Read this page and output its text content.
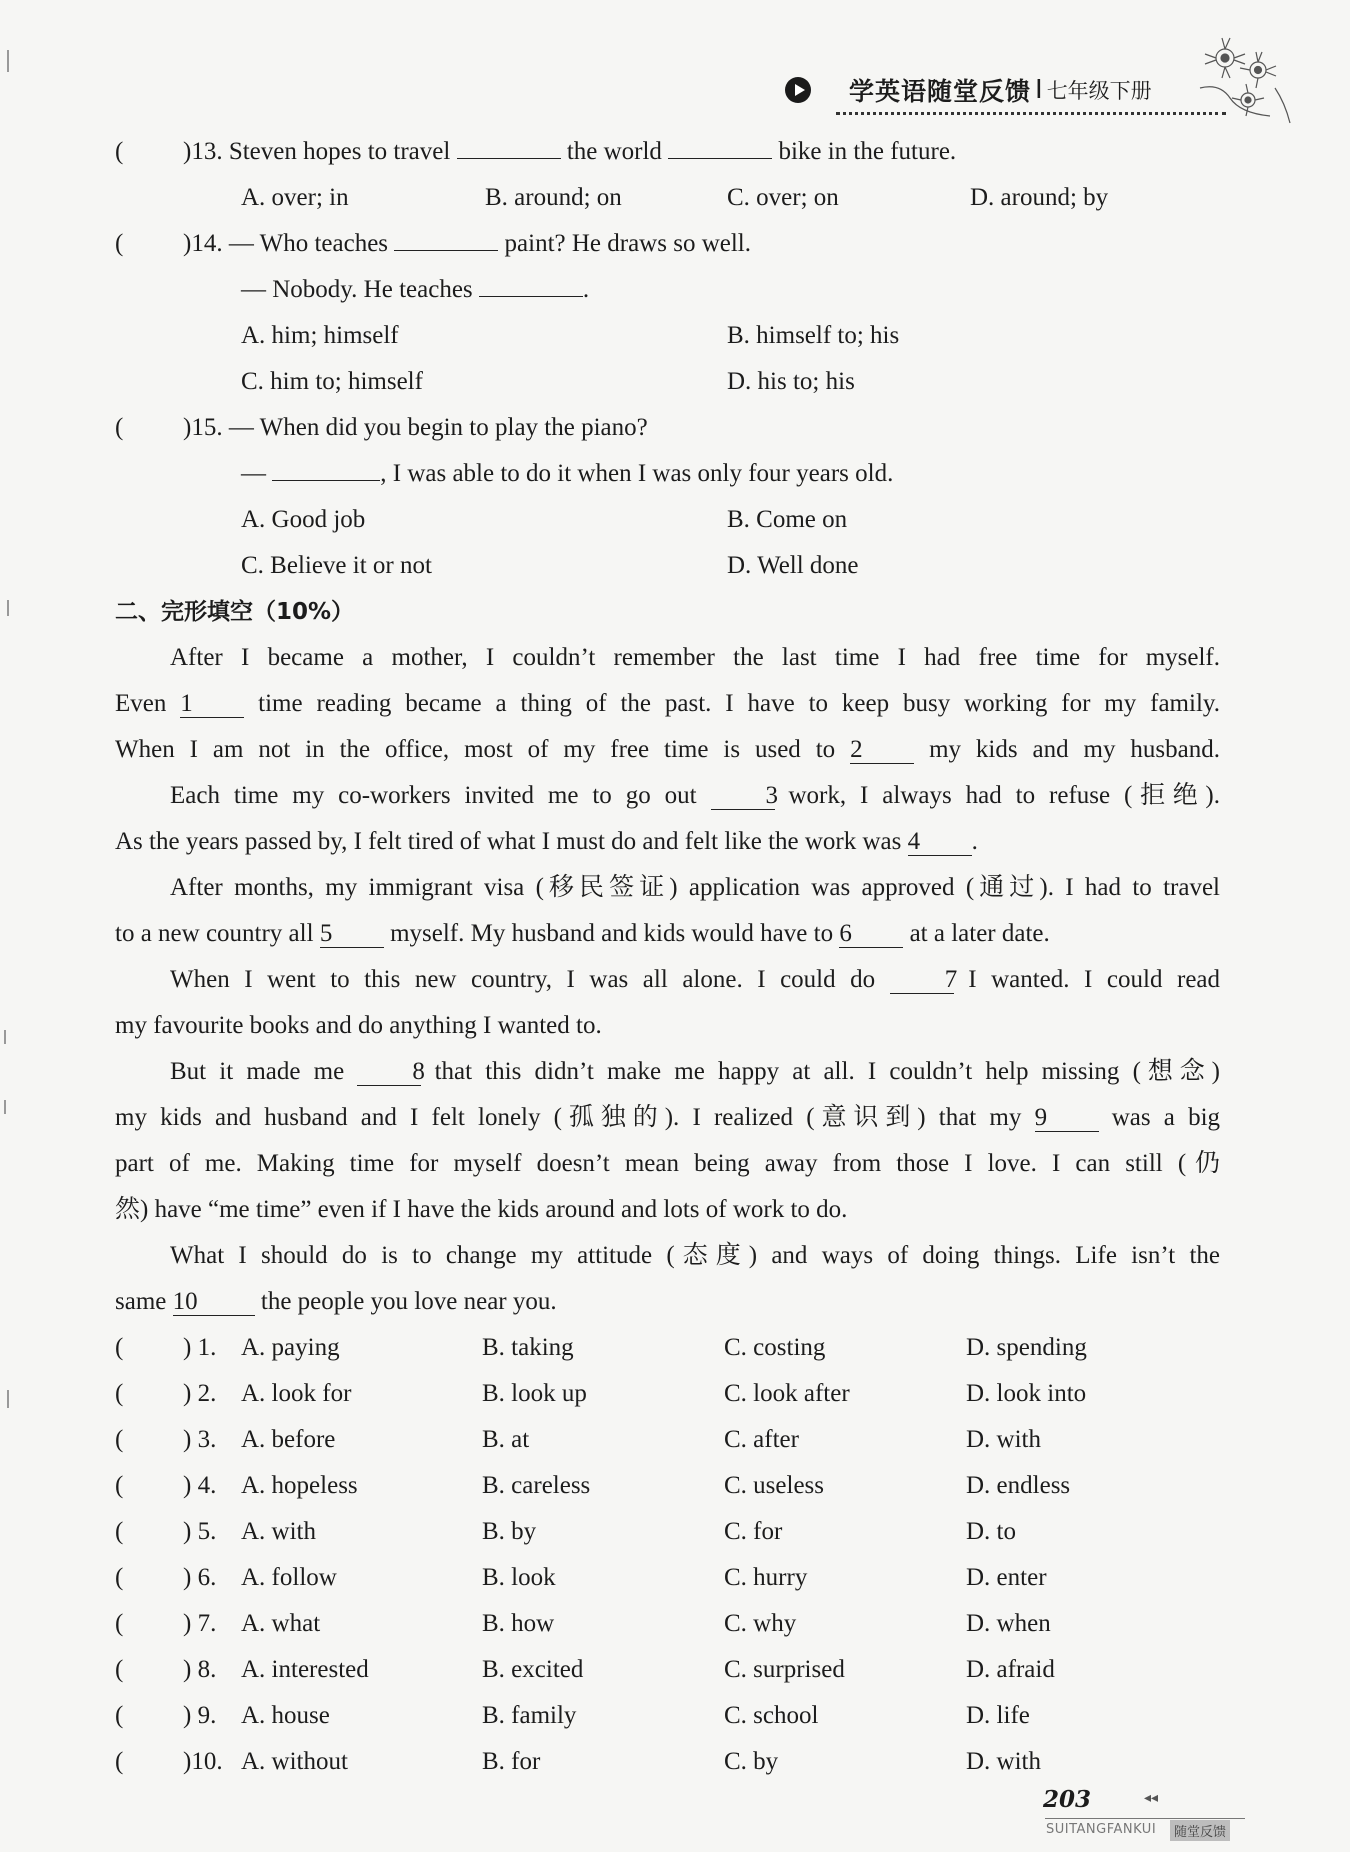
学英语随堂反馈 I 七年级下册
( )13. Steven hopes to travel	the world	bike in the future.
A. over; in	B. around; on	C. over; on	D. around; by
( )14. — Who teaches	paint? He draws so well.
— Nobody. He teaches	.
A. him; himself	B. himself to; his
C. him to; himself	D. his to; his
( )15. — When did you begin to play the piano?
—	, I was able to do it when I was only four years old.
A. Good job	B. Come on
C. Believe it or not	D. Well done
二、完形填空（10%）
After I became a mother, I couldn’t remember the last time I had free time for myself.
Even 1	time reading became a thing of the past. I have to keep busy working for my family.
When I am not in the office, most of my free time is used to 2	my kids and my husband.
Each time my co-workers invited me to go out	3 work, I always had to refuse (拒绝).
As the years passed by, I felt tired of what I must do and felt like the work was 4 .
After months, my immigrant visa (移民签证) application was approved (通过). I had to travel
to a new country all 5 myself. My husband and kids would have to 6 at a later date.
When I went to this new country, I was all alone. I could do	7 I wanted. I could read
my favourite books and do anything I wanted to.
But it made me	8 that this didn’t make me happy at all. I couldn’t help missing (想念)
my kids and husband and I felt lonely (孤独的). I realized (意识到) that my 9	was a big
part of me. Making time for myself doesn’t mean being away from those I love. I can still (仍
然) have “me time” even if I have the kids around and lots of work to do.
What I should do is to change my attitude (态度) and ways of doing things. Life isn’t the
same 10	the people you love near you.
( ) 1. A. paying	B. taking	C. costing	D. spending
( ) 2. A. look for	B. look up	C. look after	D. look into
( ) 3. A. before	B. at	C. after	D. with
( ) 4. A. hopeless	B. careless	C. useless	D. endless
( ) 5. A. with	B. by	C. for	D. to
( ) 6. A. follow	B. look	C. hurry	D. enter
( ) 7. A. what	B. how	C. why	D. when
( ) 8. A. interested	B. excited	C. surprised	D. afraid
( ) 9. A. house	B. family	C. school	D. life
( )10. A. without	B. for	C. by	D. with
203	◂◂
SUITANGFANKUI	随堂反馈
